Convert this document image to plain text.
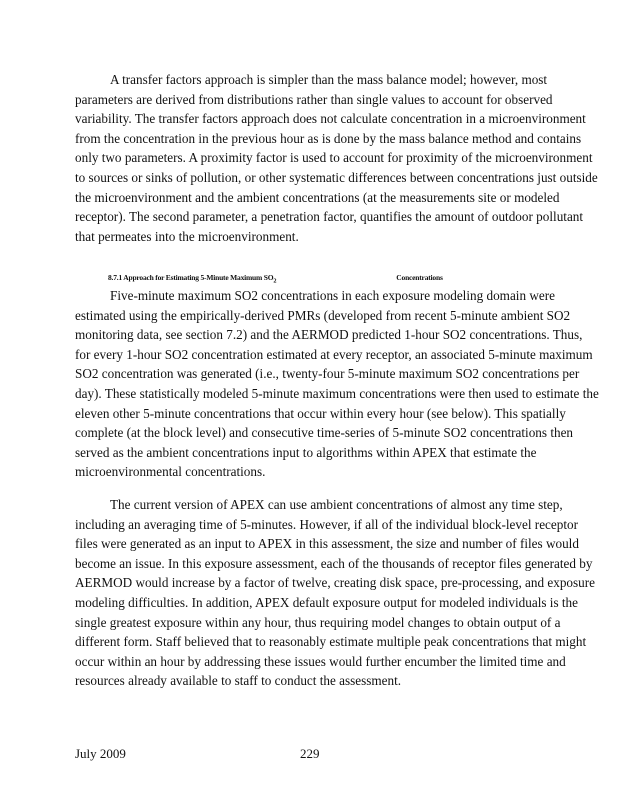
A transfer factors approach is simpler than the mass balance model; however, most parameters are derived from distributions rather than single values to account for observed variability. The transfer factors approach does not calculate concentration in a microenvironment from the concentration in the previous hour as is done by the mass balance method and contains only two parameters. A proximity factor is used to account for proximity of the microenvironment to sources or sinks of pollution, or other systematic differences between concentrations just outside the microenvironment and the ambient concentrations (at the measurements site or modeled receptor). The second parameter, a penetration factor, quantifies the amount of outdoor pollutant that permeates into the microenvironment.

8.7.1 Approach for Estimating 5-Minute Maximum $SO_2$	Concentrations

Five-minute maximum SO2 concentrations in each exposure modeling domain were estimated using the empirically-derived PMRs (developed from recent 5-minute ambient SO2 monitoring data, see section 7.2) and the AERMOD predicted 1-hour SO2 concentrations. Thus, for every 1-hour SO2 concentration estimated at every receptor, an associated 5-minute maximum SO2 concentration was generated (i.e., twenty-four 5-minute maximum SO2 concentrations per day). These statistically modeled 5-minute maximum concentrations were then used to estimate the eleven other 5-minute concentrations that occur within every hour (see below). This spatially complete (at the block level) and consecutive time-series of 5-minute SO2 concentrations then served as the ambient concentrations input to algorithms within APEX that estimate the microenvironmental concentrations.

The current version of APEX can use ambient concentrations of almost any time step, including an averaging time of 5-minutes. However, if all of the individual block-level receptor files were generated as an input to APEX in this assessment, the size and number of files would become an issue. In this exposure assessment, each of the thousands of receptor files generated by AERMOD would increase by a factor of twelve, creating disk space, pre-processing, and exposure modeling difficulties. In addition, APEX default exposure output for modeled individuals is the single greatest exposure within any hour, thus requiring model changes to obtain output of a different form. Staff believed that to reasonably estimate multiple peak concentrations that might occur within an hour by addressing these issues would further encumber the limited time and resources already available to staff to conduct the assessment.

July 2009	229
